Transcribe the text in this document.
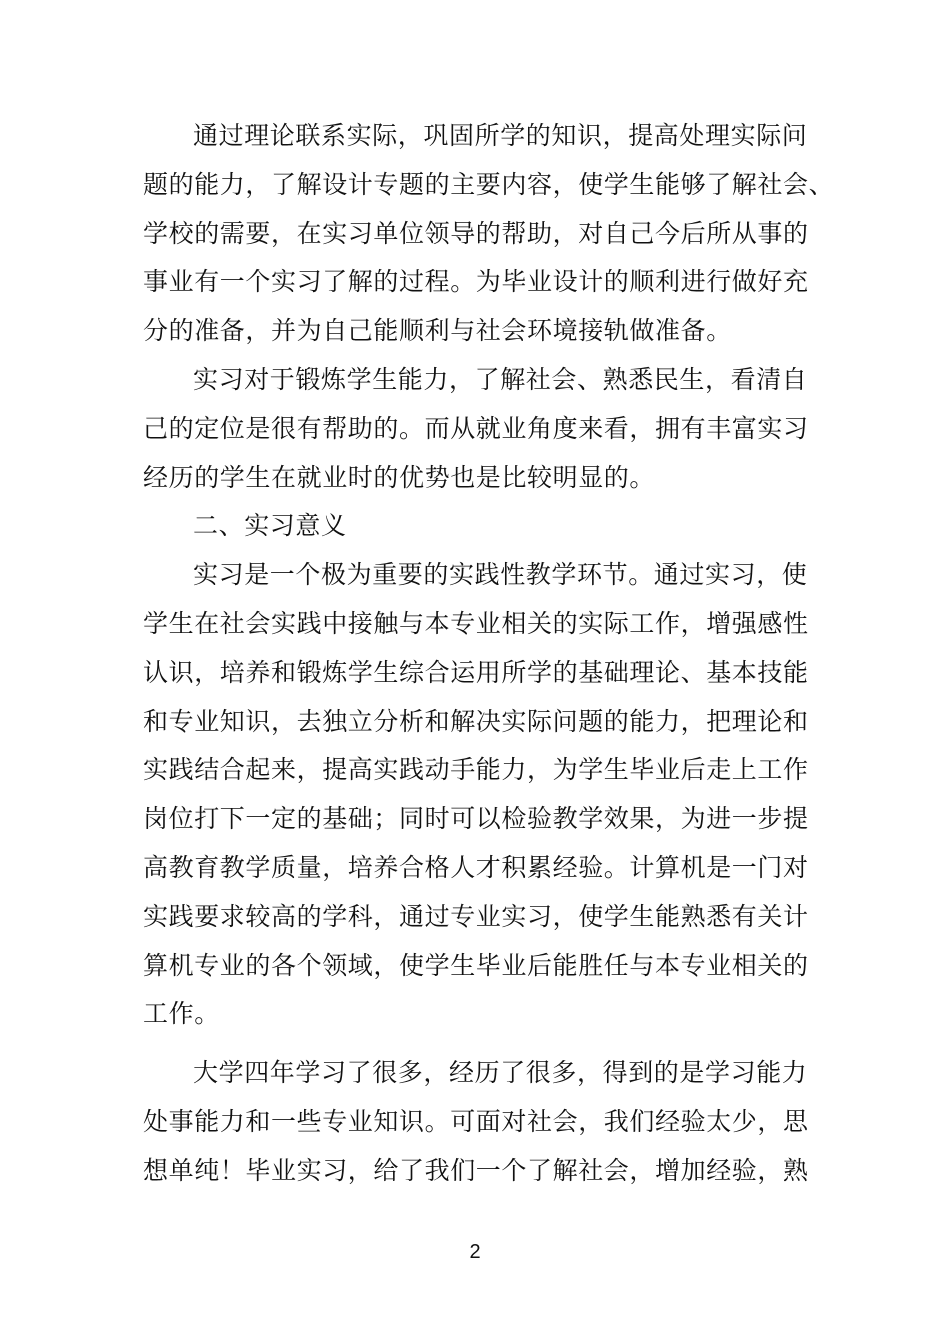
通过理论联系实际，巩固所学的知识，提高处理实际问
题的能力，了解设计专题的主要内容，使学生能够了解社会、
学校的需要，在实习单位领导的帮助，对自己今后所从事的
事业有一个实习了解的过程。为毕业设计的顺利进行做好充
分的准备，并为自己能顺利与社会环境接轨做准备。
实习对于锻炼学生能力，了解社会、熟悉民生，看清自
己的定位是很有帮助的。而从就业角度来看，拥有丰富实习
经历的学生在就业时的优势也是比较明显的。
二、实习意义
实习是一个极为重要的实践性教学环节。通过实习，使
学生在社会实践中接触与本专业相关的实际工作，增强感性
认识，培养和锻炼学生综合运用所学的基础理论、基本技能
和专业知识，去独立分析和解决实际问题的能力，把理论和
实践结合起来，提高实践动手能力，为学生毕业后走上工作
岗位打下一定的基础；同时可以检验教学效果，为进一步提
高教育教学质量，培养合格人才积累经验。计算机是一门对
实践要求较高的学科，通过专业实习，使学生能熟悉有关计
算机专业的各个领域，使学生毕业后能胜任与本专业相关的
工作。
大学四年学习了很多，经历了很多，得到的是学习能力
处事能力和一些专业知识。可面对社会，我们经验太少，思
想单纯！毕业实习，给了我们一个了解社会，增加经验，熟
2
